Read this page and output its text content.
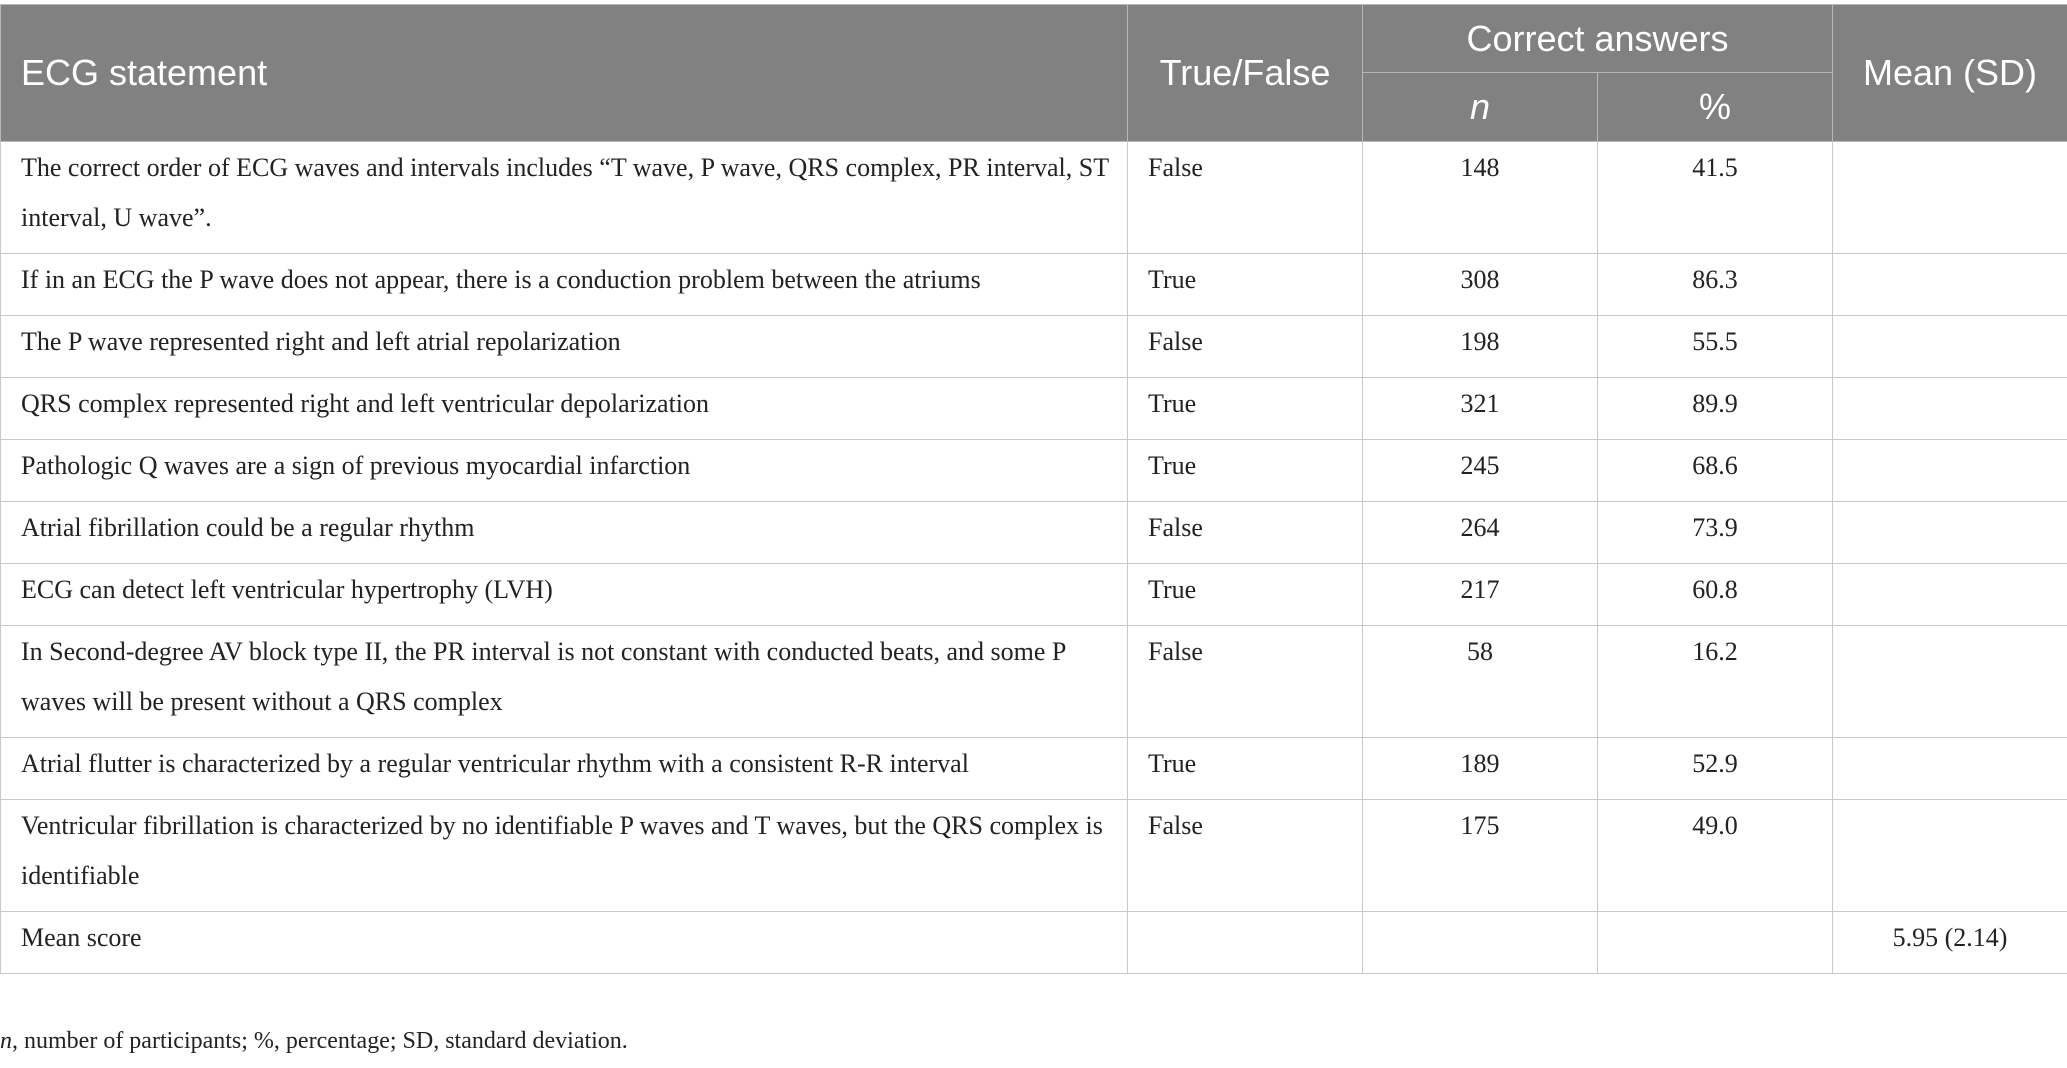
ECG statement	True/False	Correct answers		Mean (SD)
		n	%	

The correct order of ECG waves and intervals includes “T wave, P wave, QRS complex, PR interval, ST interval, U wave”.	False	148	41.5	

If in an ECG the P wave does not appear, there is a conduction problem between the atriums	True	308	86.3	

The P wave represented right and left atrial repolarization	False	198	55.5	

QRS complex represented right and left ventricular depolarization	True	321	89.9	

Pathologic Q waves are a sign of previous myocardial infarction	True	245	68.6	

Atrial fibrillation could be a regular rhythm	False	264	73.9	

ECG can detect left ventricular hypertrophy (LVH)	True	217	60.8	

In Second-degree AV block type II, the PR interval is not constant with conducted beats, and some P waves will be present without a QRS complex	False	58	16.2	

Atrial flutter is characterized by a regular ventricular rhythm with a consistent R-R interval	True	189	52.9	

Ventricular fibrillation is characterized by no identifiable P waves and T waves, but the QRS complex is identifiable	False	175	49.0	

Mean score				5.95 (2.14)
n, number of participants; %, percentage; SD, standard deviation.
